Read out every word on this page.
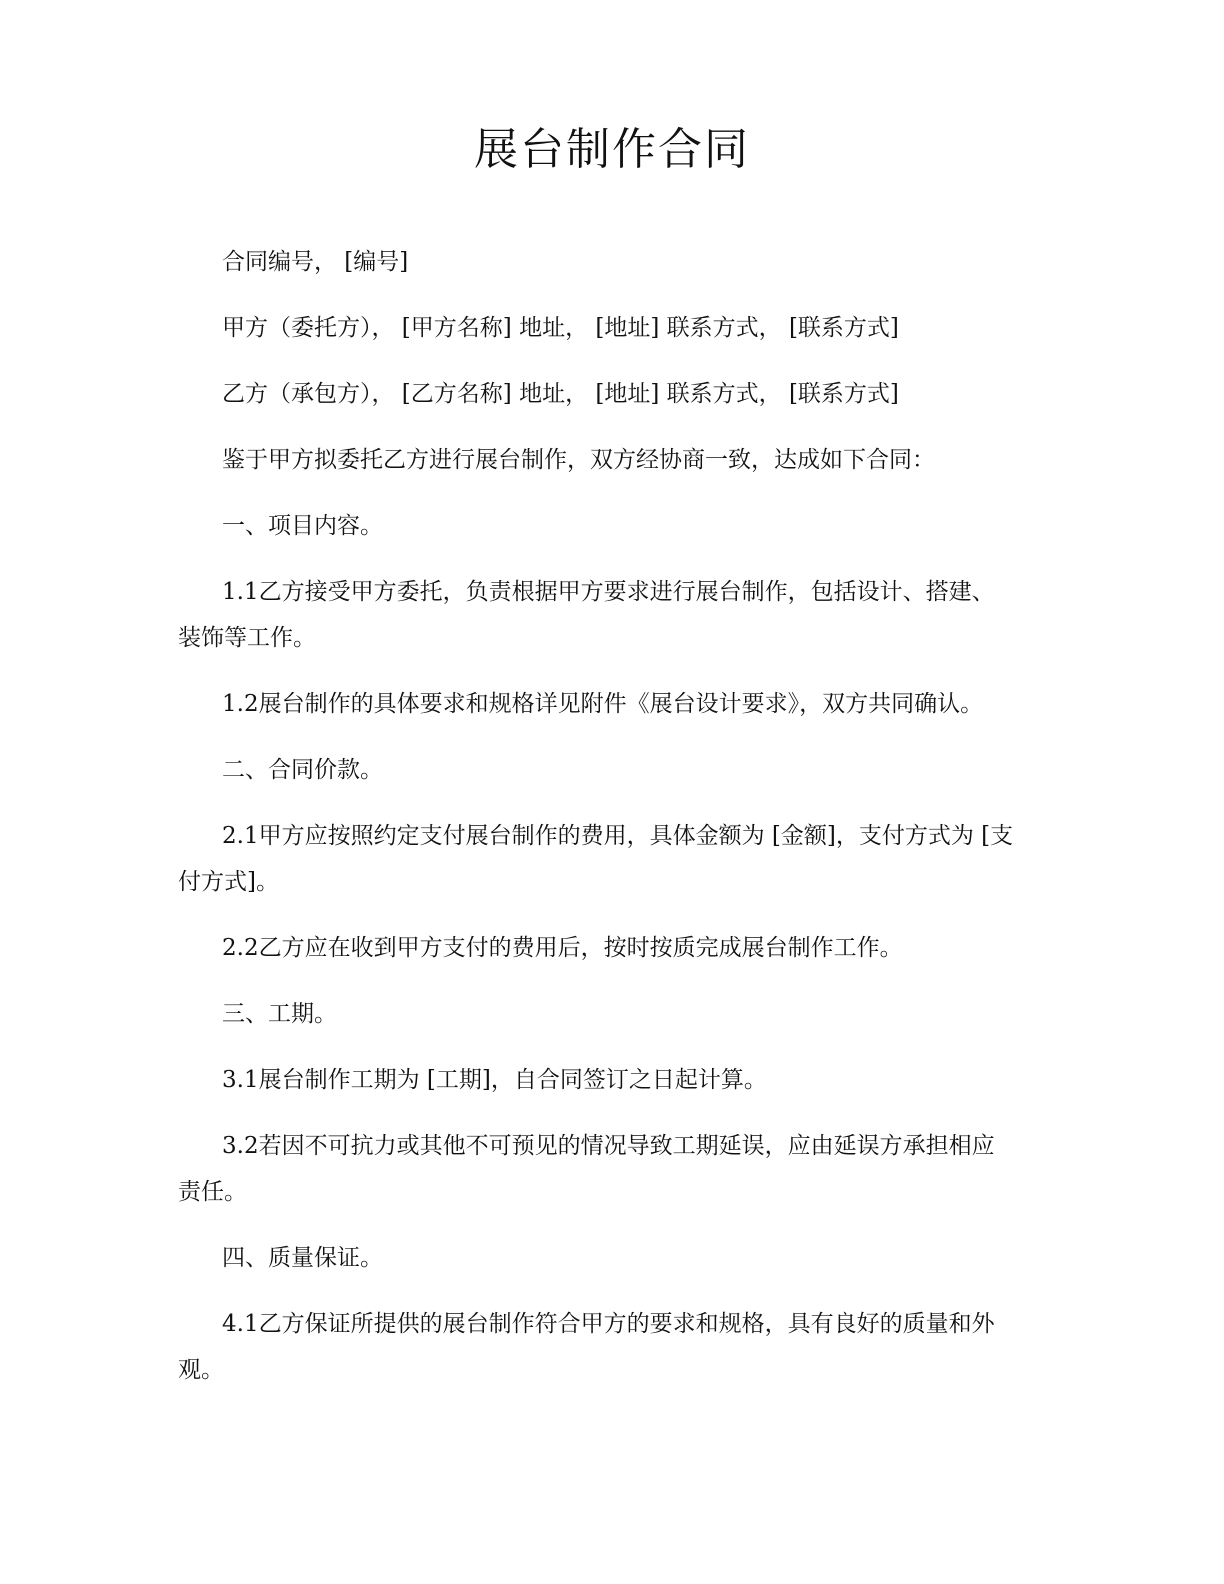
展台制作合同
合同编号， [编号]
甲方（委托方）， [甲方名称] 地址， [地址] 联系方式， [联系方式]
乙方（承包方）， [乙方名称] 地址， [地址] 联系方式， [联系方式]
鉴于甲方拟委托乙方进行展台制作，双方经协商一致，达成如下合同：
一、项目内容。
1.1乙方接受甲方委托，负责根据甲方要求进行展台制作，包括设计、搭建、
装饰等工作。
1.2展台制作的具体要求和规格详见附件《展台设计要求》，双方共同确认。
二、合同价款。
2.1甲方应按照约定支付展台制作的费用，具体金额为 [金额]，支付方式为 [支
付方式]。
2.2乙方应在收到甲方支付的费用后，按时按质完成展台制作工作。
三、工期。
3.1展台制作工期为 [工期]，自合同签订之日起计算。
3.2若因不可抗力或其他不可预见的情况导致工期延误，应由延误方承担相应
责任。
四、质量保证。
4.1乙方保证所提供的展台制作符合甲方的要求和规格，具有良好的质量和外
观。
